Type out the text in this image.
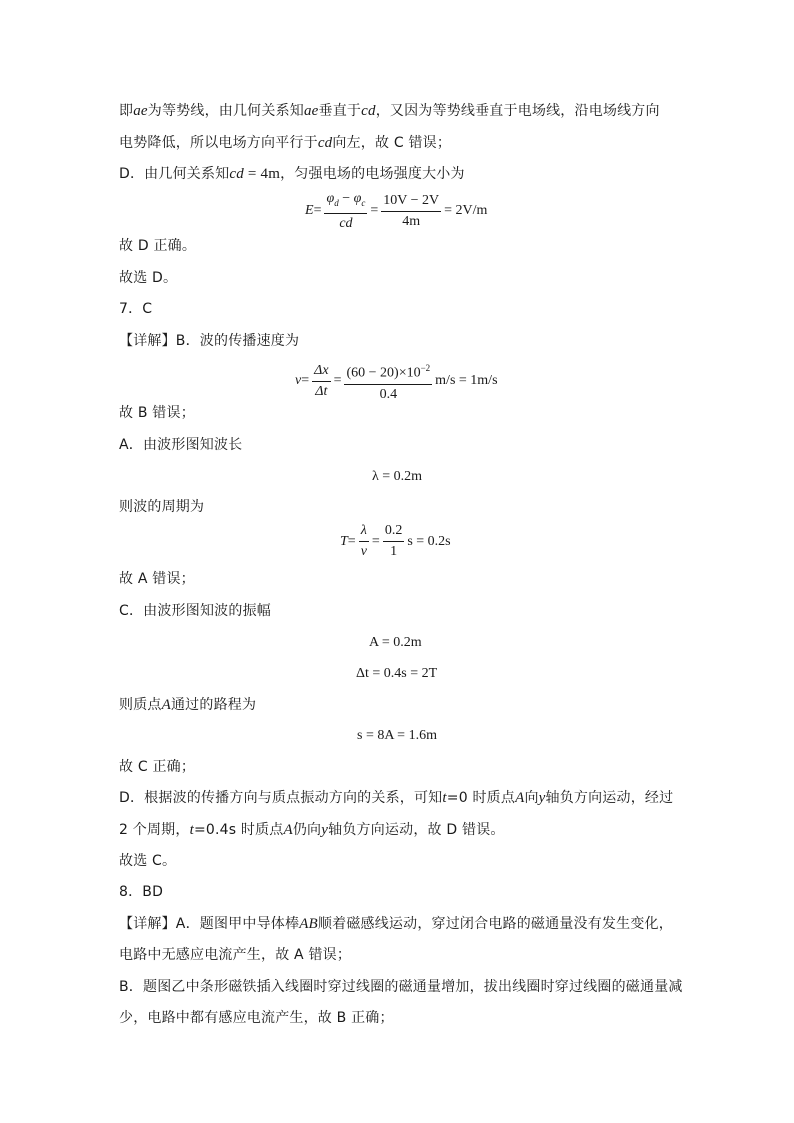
即ae为等势线，由几何关系知ae垂直于cd，又因为等势线垂直于电场线，沿电场线方向
电势降低，所以电场方向平行于cd向左，故 C 错误；
D．由几何关系知cd = 4m，匀强电场的电场强度大小为
$E= \frac{\varphi_d - \varphi_c}{cd} = \frac{10V - 2V}{4m} = 2V/m$
故 D 正确。
故选 D。
7．C
【详解】B．波的传播速度为
$v= \frac{\Delta x}{\Delta t} = \frac{(60 - 20)\times 10^{-2}}{0.4} m/s = 1m/s$
故 B 错误；
A．由波形图知波长
λ = 0.2m
则波的周期为
$T= \frac{\lambda}{v} = \frac{0.2}{1}$ s = 0.2s
故 A 错误；
C．由波形图知波的振幅
A = 0.2m
Δt = 0.4s = 2T
则质点A通过的路程为
s = 8A = 1.6m
故 C 正确；
D．根据波的传播方向与质点振动方向的关系，可知t=0 时质点A向y轴负方向运动，经过
2 个周期，t=0.4s 时质点A仍向y轴负方向运动，故 D 错误。
故选 C。
8．BD
【详解】A．题图甲中导体棒AB顺着磁感线运动，穿过闭合电路的磁通量没有发生变化，
电路中无感应电流产生，故 A 错误；
B．题图乙中条形磁铁插入线圈时穿过线圈的磁通量增加，拔出线圈时穿过线圈的磁通量减
少，电路中都有感应电流产生，故 B 正确；
